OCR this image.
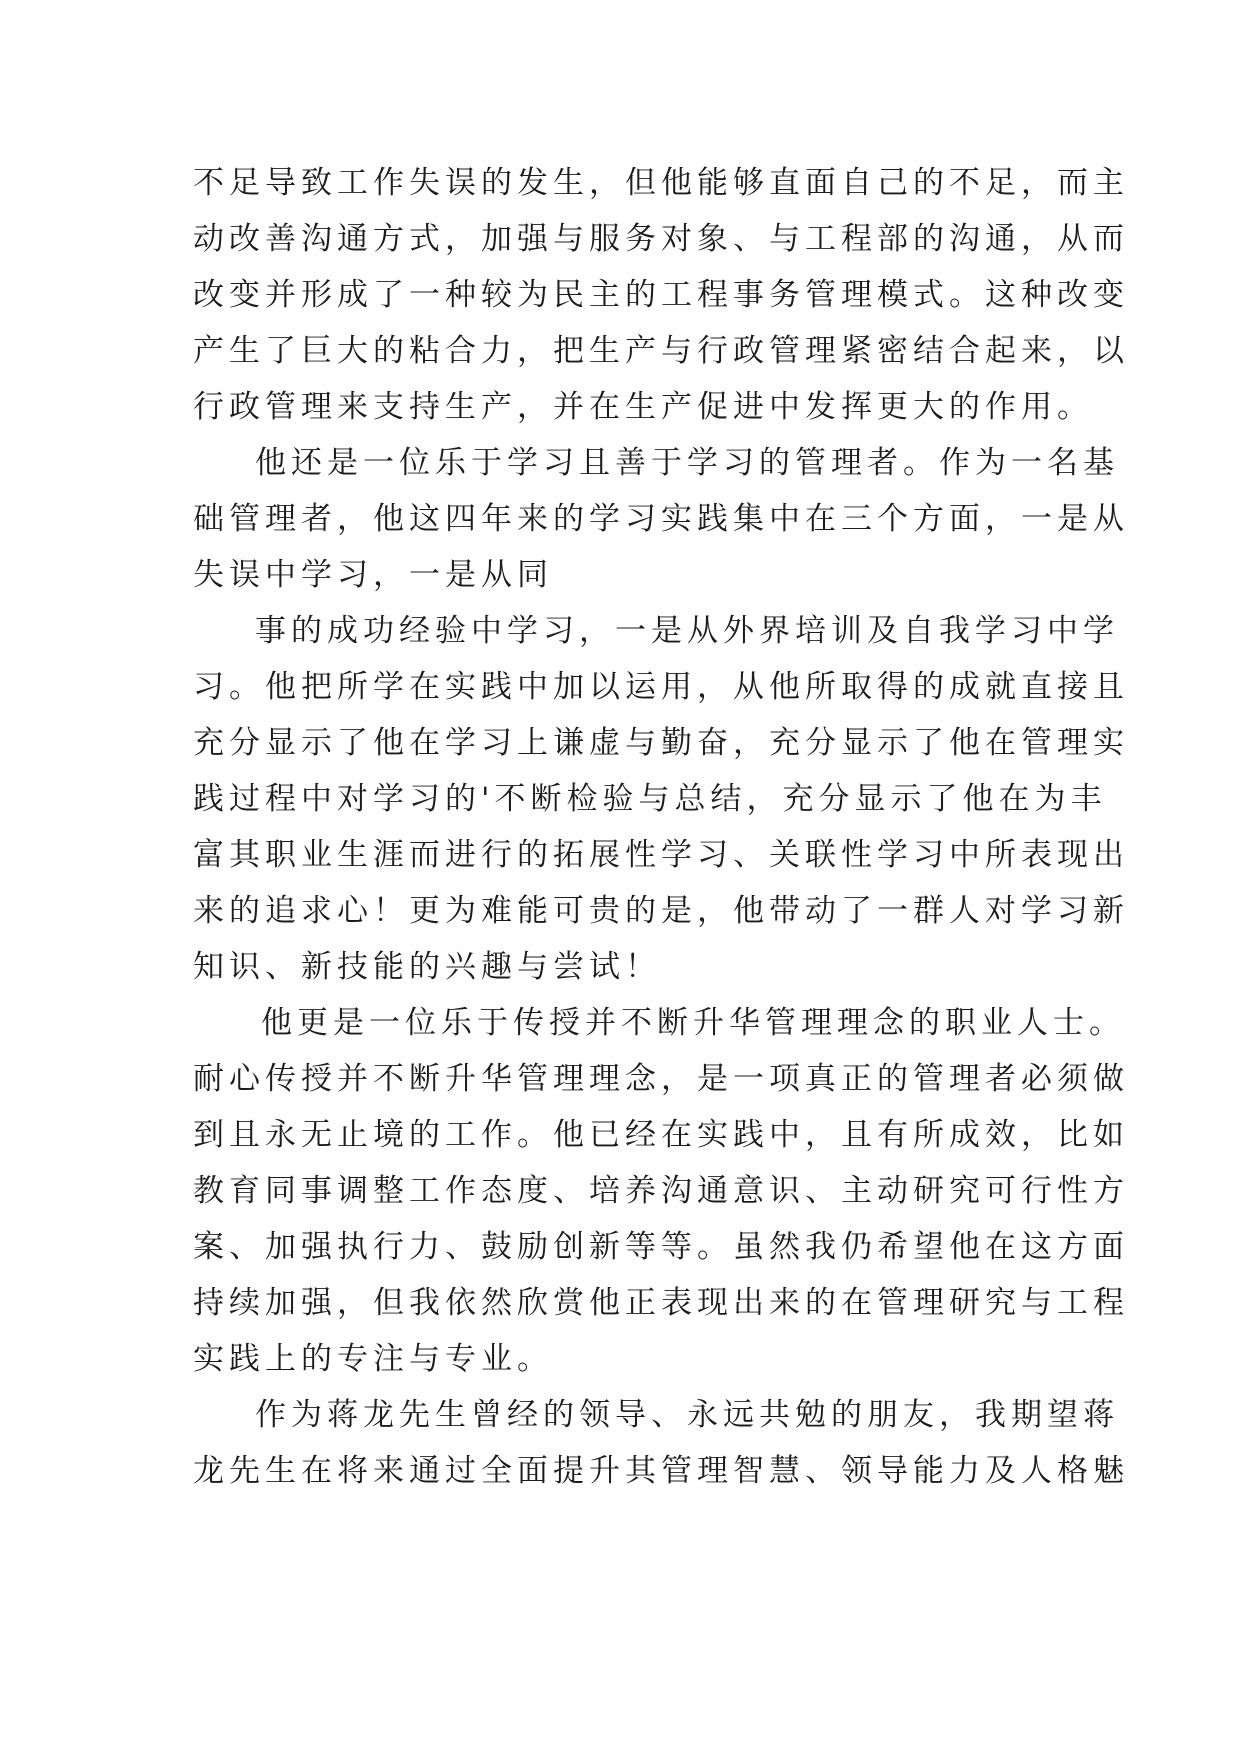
不足导致工作失误的发生，但他能够直面自己的不足，而主
动改善沟通方式，加强与服务对象、与工程部的沟通，从而
改变并形成了一种较为民主的工程事务管理模式。这种改变
产生了巨大的粘合力，把生产与行政管理紧密结合起来，以
行政管理来支持生产，并在生产促进中发挥更大的作用。
他还是一位乐于学习且善于学习的管理者。作为一名基
础管理者，他这四年来的学习实践集中在三个方面，一是从
失误中学习，一是从同
事的成功经验中学习，一是从外界培训及自我学习中学
习。他把所学在实践中加以运用，从他所取得的成就直接且
充分显示了他在学习上谦虚与勤奋，充分显示了他在管理实
践过程中对学习的'不断检验与总结，充分显示了他在为丰
富其职业生涯而进行的拓展性学习、关联性学习中所表现出
来的追求心！更为难能可贵的是，他带动了一群人对学习新
知识、新技能的兴趣与尝试！
他更是一位乐于传授并不断升华管理理念的职业人士。
耐心传授并不断升华管理理念，是一项真正的管理者必须做
到且永无止境的工作。他已经在实践中，且有所成效，比如
教育同事调整工作态度、培养沟通意识、主动研究可行性方
案、加强执行力、鼓励创新等等。虽然我仍希望他在这方面
持续加强，但我依然欣赏他正表现出来的在管理研究与工程
实践上的专注与专业。
作为蒋龙先生曾经的领导、永远共勉的朋友，我期望蒋
龙先生在将来通过全面提升其管理智慧、领导能力及人格魅
